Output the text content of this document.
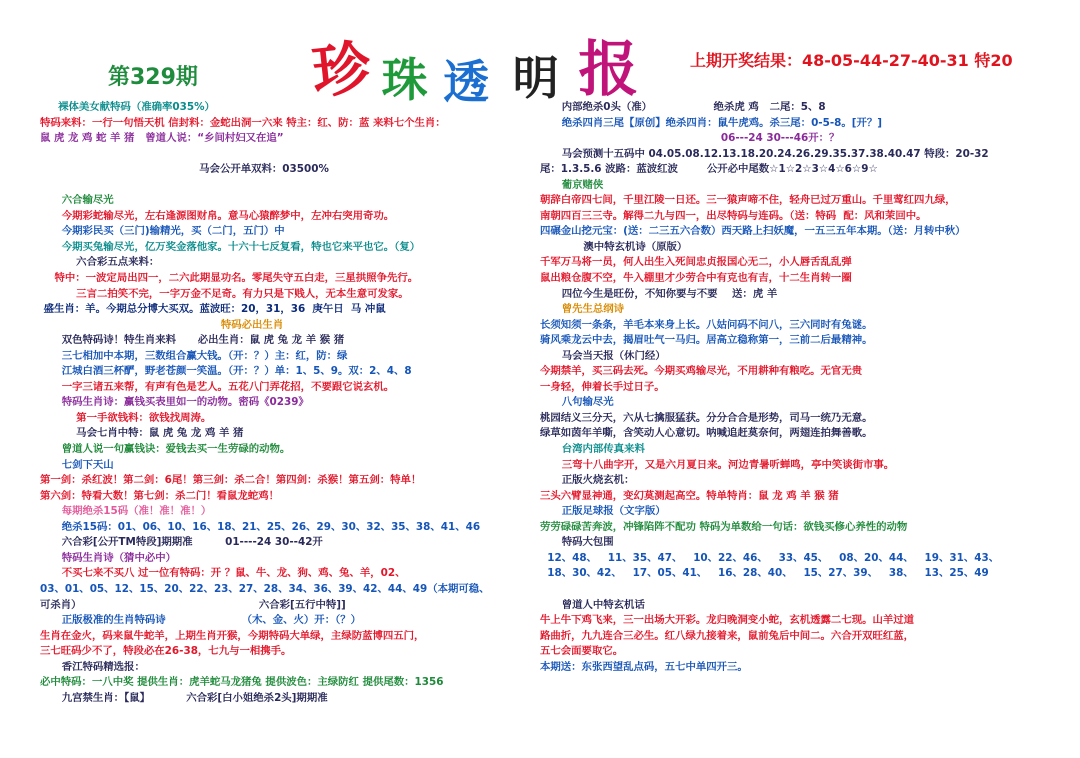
珍 珠 透 明 报
第329期
上期开奖结果：48-05-44-27-40-31 特20
裸体美女献特码（准确率035%）
特码来料：一行一句悟天机 信封料：金蛇出洞一六来 特主：红、防：蓝 来料七个生肖：
鼠 虎 龙 鸡 蛇 羊 猪   曾道人说：“乡间村妇又在追”
马会公开单双料：03500%
六合输尽光
今期彩蛇输尽光，左右逢源图财帛。意马心猿醉梦中，左冲右突用奇功。
今期彩民买（三门)输精光，买（二门，五门）中
今期买兔输尽光，亿万奖金落他家。十六十七反复看，特也它来平也它。（复）
六合彩五点来料：
特中：一波定局出四一，二六此期显功名。零尾失守五白走，三星拱照争先行。
三言二拍笑不完，一字万金不足奇。有力只是下贱人，无本生意可发家。
盛生肖：羊。今期总分博大买双。蓝波旺：20，31，36  庚午日  马 冲鼠
特码必出生肖
双色特码诗！特生肖来料      必出生肖：鼠 虎 兔 龙 羊 猴 猪
三七相加中本期，三数组合赢大钱。（开：？）主：红，防：绿
江城白酒三杯酽，野老苍颜一笑温。（开：？）单：1、5、9。双：2、4、8
一字三诸五来帮，有声有色是艺人。五花八门弄花招，不要跟它说玄机。
特码生肖诗：赢钱买表里如一的动物。密码《0239》
第一手欲钱料：欲钱找周涛。
马会七肖中特：鼠 虎 兔 龙 鸡 羊 猪
曾道人说一句赢钱诀：爱钱去买一生劳碌的动物。
七剑下天山
第一剑：杀红波！第二剑：6尾！第三剑：杀二合！第四剑：杀猴！第五剑：特单！
第六剑：特看大数！第七剑：杀二门！看鼠龙蛇鸡！
每期绝杀15码（准！准！准！）
绝杀15码：01、06、10、16、18、21、25、26、29、30、32、35、38、41、46
六合彩[公开TM特段]期期准         01----24 30--42开
特码生肖诗（猜中必中）
不买七来不买八 过一位有特码：开 ？鼠、牛、龙、狗、鸡、兔、羊，02、
03、01、05、12、15、20、22、23、27、28、34、36、39、42、44、49（本期可稳、
可杀肖）                                                 六合彩[五行中特]]
正版极准的生肖特码诗                     （木、金、火）开：（？）
生肖在金火，码来鼠牛蛇羊，上期生肖开猴，今期特码大单绿，主绿防蓝博四五门，
三七旺码少不了，特段必在26-38，七九与一相携手。
香江特码精选报：
必中特码：一八中奖 提供生肖：虎羊蛇马龙猪兔 提供波色：主绿防红 提供尾数：1356
九宫禁生肖：【鼠】          六合彩[白小姐绝杀2头]期期准
内部绝杀0头（准）                 绝杀虎 鸡   二尾：5、8
绝杀四肖三尾【原创】绝杀四肖：鼠牛虎鸡。杀三尾：0-5-8。[开？]
06---24 30---46开：？
马会预测十五码中 04.05.08.12.13.18.20.24.26.29.35.37.38.40.47 特段：20-32
尾：1.3.5.6 波路：蓝波红波        公开必中尾数☆1☆2☆3☆4☆6☆9☆
葡京赌侠
朝辞白帝四七间，千里江陵一日还。三一猿声啼不住，轻舟已过万重山。千里莺红四九绿，
南朝四百三三寺。解得二九与四一，出尽特码与连码。（送：特码  配：风和茉回中。
四碾金山挖元宝：(送：二三五六合数）西天路上扫妖魔，一五三五年本期。（送：月转中秋）
澳中特玄机诗（原版）
千军万马将一员，何人出生入死间忠贞报国心无二，小人唇舌乱乱弹
鼠出粮仓腹不空，牛入棚里才少劳合中有克也有吉，十二生肖转一圈
四位今生是旺份，不知你要与不要    送：虎 羊
曾先生总纲诗
长须知须一条条，羊毛本来身上长。八姑问码不问八，三六同时有兔谜。
骑风乘龙云中去，揭眉吐气一马归。居高立稳称第一，三前二后最精神。
马会当天报（休门经）
今期禁羊，买三码去死。今期买鸡输尽光，不用耕种有粮吃。无官无贵
一身轻，伸着长手过日子。
八句输尽光
桃园结义三分天，六从七擒服猛获。分分合合是形势，司马一统乃无意。
绿草如茵年羊嘶，含笑动人心意切。呐喊追赶莫奈何，两翅连拍舞善歌。
台湾内部传真来料
三弯十八曲字开，又是六月夏日来。河边青暑听蝉鸣，亭中笑谈街市事。
正版火烧玄机：
三头六臂显神通，变幻莫测起高空。特单特肖：鼠 龙 鸡 羊 猴 猪
正版足球报（文字版）
劳劳碌碌苦奔波，冲锋陷阵不配功 特码为单数给一句话：欲钱买修心养性的动物
特码大包围
12、48、   11、35、47、   10、22、46、   33、45、   08、20、44、   19、31、43、
18、30、42、   17、05、41、   16、28、40、   15、27、39、   38、   13、25、49
曾道人中特玄机话
牛上牛下鸡飞来，三一出场大开彩。龙归晚洞变小蛇，玄机透露二七现。山羊过道
路曲折，九九连合三必生。红八绿九接着来，鼠前兔后中间二。六合开双旺红蓝，
五七会面要取它。
本期送：东张西望乱点码，五七中单四开三。
